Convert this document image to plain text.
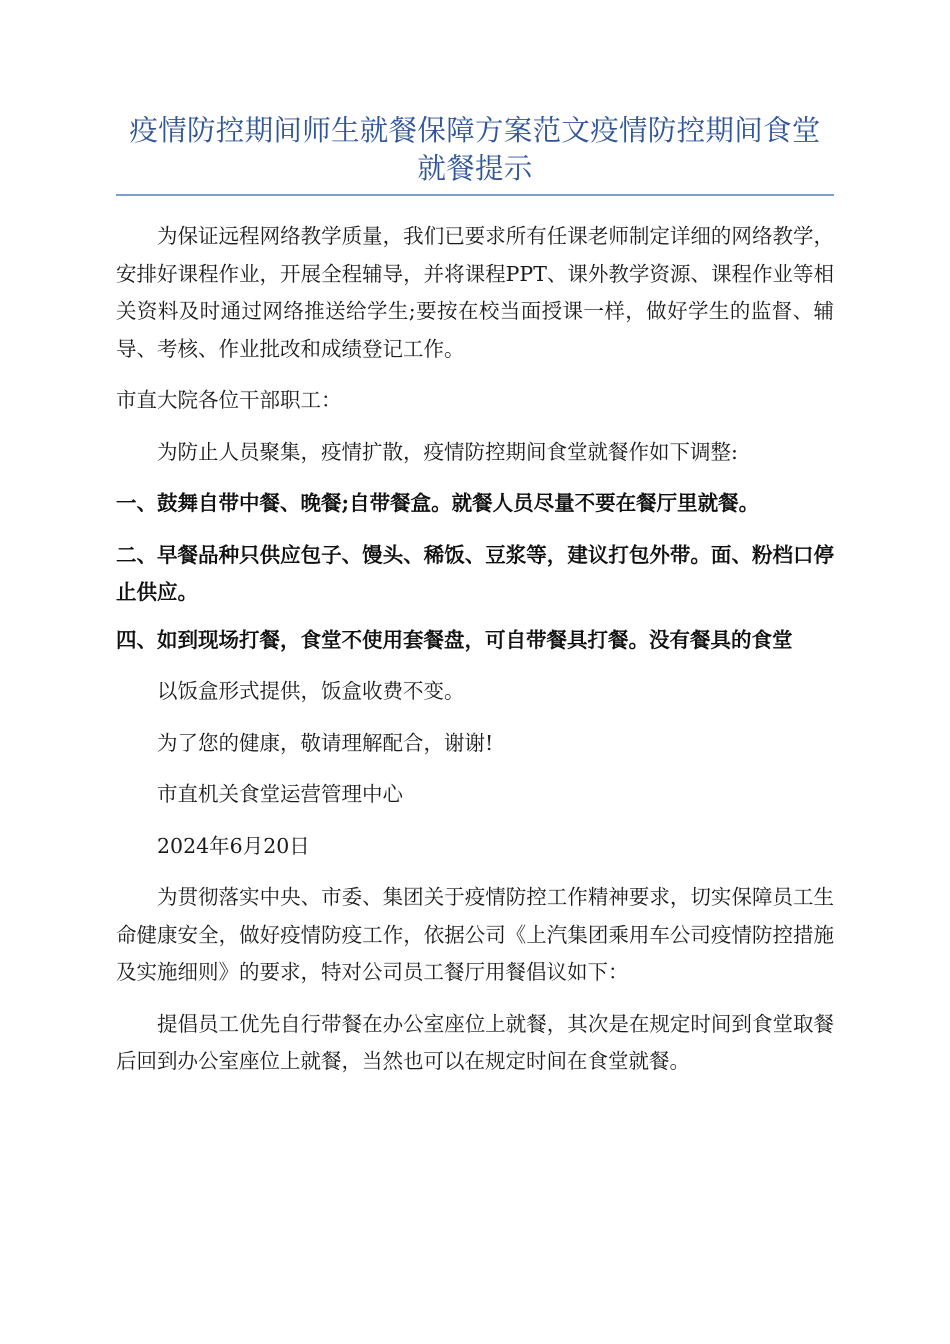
疫情防控期间师生就餐保障方案范文疫情防控期间食堂就餐提示

为保证远程网络教学质量，我们已要求所有任课老师制定详细的网络教学，安排好课程作业，开展全程辅导，并将课程PPT、课外教学资源、课程作业等相关资料及时通过网络推送给学生;要按在校当面授课一样，做好学生的监督、辅导、考核、作业批改和成绩登记工作。

市直大院各位干部职工：

为防止人员聚集，疫情扩散，疫情防控期间食堂就餐作如下调整:

一、鼓舞自带中餐、晚餐;自带餐盒。就餐人员尽量不要在餐厅里就餐。

二、早餐品种只供应包子、馒头、稀饭、豆浆等，建议打包外带。面、粉档口停止供应。

四、如到现场打餐，食堂不使用套餐盘，可自带餐具打餐。没有餐具的食堂

以饭盒形式提供，饭盒收费不变。

为了您的健康，敬请理解配合，谢谢!

市直机关食堂运营管理中心

2024年6月20日

为贯彻落实中央、市委、集团关于疫情防控工作精神要求，切实保障员工生命健康安全，做好疫情防疫工作，依据公司《上汽集团乘用车公司疫情防控措施及实施细则》的要求，特对公司员工餐厅用餐倡议如下：

提倡员工优先自行带餐在办公室座位上就餐，其次是在规定时间到食堂取餐后回到办公室座位上就餐，当然也可以在规定时间在食堂就餐。
